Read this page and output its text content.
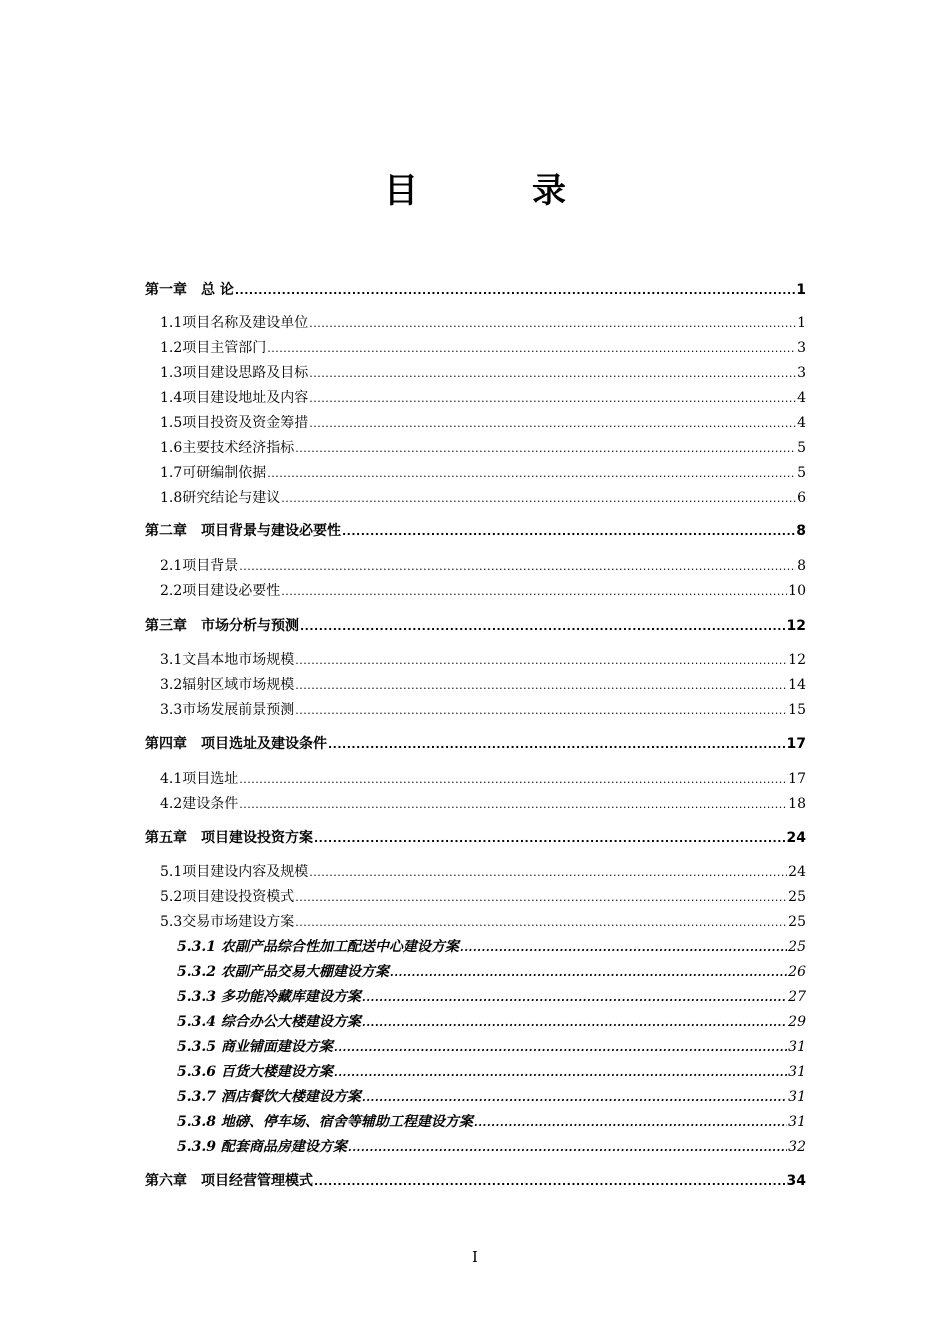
目　录
第一章　总 论 .....	1
1.1项目名称及建设单位 .....	1
1.2项目主管部门 .....	3
1.3项目建设思路及目标 .....	3
1.4项目建设地址及内容 .....	4
1.5项目投资及资金筹措 .....	4
1.6主要技术经济指标 .....	5
1.7可研编制依据 .....	5
1.8研究结论与建议 .....	6
第二章　项目背景与建设必要性 .....	8
2.1项目背景 .....	8
2.2项目建设必要性 .....	10
第三章　市场分析与预测 .....	12
3.1文昌本地市场规模 .....	12
3.2辐射区域市场规模 .....	14
3.3市场发展前景预测 .....	15
第四章　项目选址及建设条件 .....	17
4.1项目选址 .....	17
4.2建设条件 .....	18
第五章　项目建设投资方案 .....	24
5.1项目建设内容及规模 .....	24
5.2项目建设投资模式 .....	25
5.3交易市场建设方案 .....	25
5.3.1 农副产品综合性加工配送中心建设方案 .....	25
5.3.2 农副产品交易大棚建设方案 .....	26
5.3.3 多功能冷藏库建设方案 .....	27
5.3.4 综合办公大楼建设方案 .....	29
5.3.5 商业铺面建设方案 .....	31
5.3.6 百货大楼建设方案 .....	31
5.3.7 酒店餐饮大楼建设方案 .....	31
5.3.8 地磅、停车场、宿舍等辅助工程建设方案 .....	31
5.3.9 配套商品房建设方案 .....	32
第六章　项目经营管理模式 .....	34
I
